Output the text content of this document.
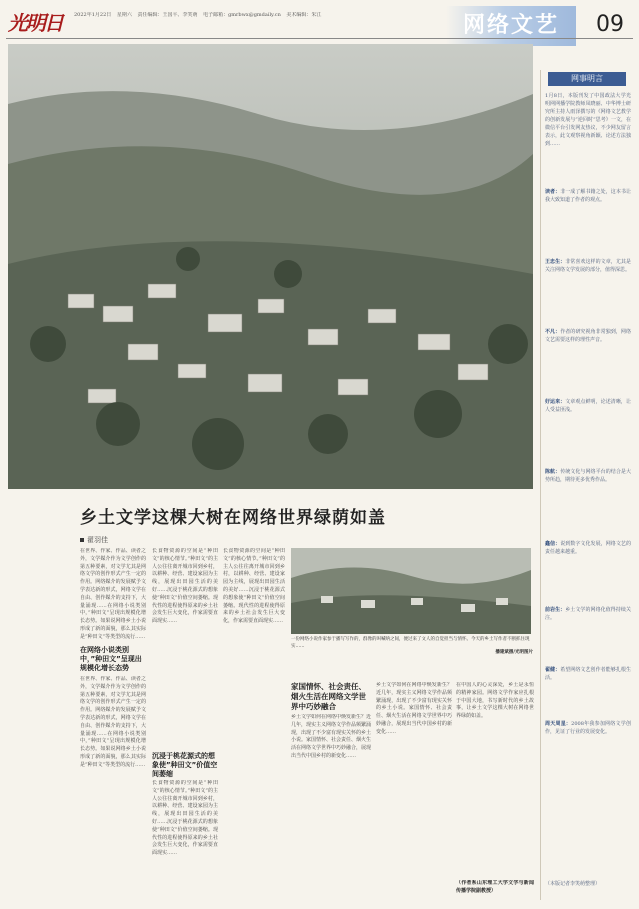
光明日	2022年1月22日 星期六 责任编辑：王国平、李笑萌 电子邮箱：gmrbwx@gmdaily.cn 美术编辑：朱江	网络文艺	09
网事明言
1月8日，本版刊发了中国政法大学光明网网播学院教师凤晓丽、中华博士研究所主持人雨泽撰写的《网络文艺教学的创新发展与”逆回时”思考》一文，在微信平台引发网友热议，不少网友留言表示，此文观察视角新颖、论述方法独到……
读者：非一成了解书籍之处，这本书让我大致知道了作者的观点。
王忠生：非常喜欢这样的文章，尤其是关注网络文学发展的部分，值得深思。
不凡：作者的研究视角非常独到，网络文艺需要这样的理性声音。
好运来：文章观点鲜明，论述清晰，让人受益匪浅。
陈航：传统文化与网络平台的结合是大势所趋，期待更多优秀作品。
鑫信：说到数字文化发展，网络文艺的责任越来越重。
前岩生：乡土文学的网络化值得持续关注。
翟健：希望网络文艺创作者能够扎根生活。
周天周星：2008年我参加网络文学创作，见证了行业的发展变化。
（本版记者李笑萌整理）
乡土文学这棵大树在网络世界绿荫如盖
翟羽佳
一份网络小说作家参于播写写作的，群像的叫喊呐之间，便过来了文人的自觉担当与情怀。今天的乡土写作者不断抓住现实……
播建斌摄/光明图片
在世界、作家、作品、读者之外，文学媒介作为文学创作的第五种要素，对文学尤其是网络文学的创作形式产生一定的作用。网络媒介的发展赋予文学表达新的形式，网络文学在自由、创作媒介的支持下，大量涌现……在网络小说类别中，”种田文”呈现出规模化增长态势。如果说网络乡土小说形成了新的面貌，那么其实际是”种田文”等类型的流行……
在网络小说类别中，”种田文”呈现出规模化增长态势
在世界、作家、作品、读者之外，文学媒介作为文学创作的第五种要素，对文学尤其是网络文学的创作形式产生一定的作用。网络媒介的发展赋予文学表达新的形式，网络文学在自由、创作媒介的支持下，大量涌现……在网络小说类别中，”种田文”呈现出规模化增长态势。如果说网络乡土小说形成了新的面貌，那么其实际是”种田文”等类型的流行……
长食物资源的空间是”种田文”的核心情节。”种田文”的主人公往往离开城市回到乡村，以耕种、经营、建设家园为主线，展现出田园生活的美好……沉浸于桃花源式的想象使”种田文”价值空间萎缩。现代性的进程使得原来的乡土社会发生巨大变化，作家需要直面现实……
沉浸于桃花源式的想象使”种田文”价值空间萎缩
长食物资源的空间是”种田文”的核心情节。”种田文”的主人公往往离开城市回到乡村，以耕种、经营、建设家园为主线，展现出田园生活的美好……沉浸于桃花源式的想象使”种田文”价值空间萎缩。现代性的进程使得原来的乡土社会发生巨大变化，作家需要直面现实……
长食物资源的空间是”种田文”的核心情节。”种田文”的主人公往往离开城市回到乡村，以耕种、经营、建设家园为主线，展现出田园生活的美好……沉浸于桃花源式的想象使”种田文”价值空间萎缩。现代性的进程使得原来的乡土社会发生巨大变化，作家需要直面现实……
家国情怀、社会责任、烟火生活在网络文学世界中巧妙融合
乡土文学如何在网络中焕发新生？近几年，现实主义网络文学作品频繁涌现，出现了不少富有现实关怀的乡土小说。家国情怀、社会责任、烟火生活在网络文学世界中巧妙融合，展现出当代中国乡村的新变化……
乡土文学如何在网络中焕发新生？近几年，现实主义网络文学作品频繁涌现，出现了不少富有现实关怀的乡土小说。家国情怀、社会责任、烟火生活在网络文学世界中巧妙融合，展现出当代中国乡村的新变化……
在中国人的心灵深处，乡土是永恒的精神家园。网络文学作家应扎根于中国大地，书写新时代的乡土故事，让乡土文学这棵大树在网络世界绿荫如盖。
（作者系山东理工大学文学与新闻传播学院副教授）
